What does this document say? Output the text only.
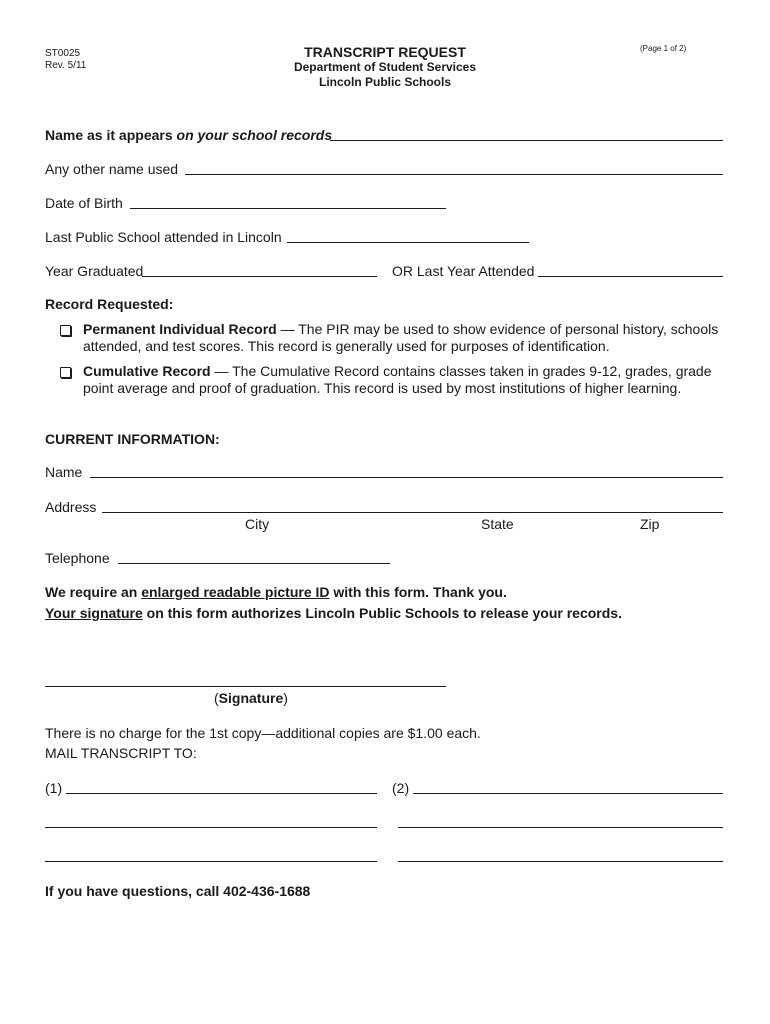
ST0025
Rev. 5/11
(Page 1 of 2)
TRANSCRIPT REQUEST
Department of Student Services
Lincoln Public Schools
Name as it appears on your school records
Any other name used
Date of Birth
Last Public School attended in Lincoln
Year Graduated	OR Last Year Attended
Record Requested:
Permanent Individual Record — The PIR may be used to show evidence of personal history, schools
attended, and test scores. This record is generally used for purposes of identification.
Cumulative Record — The Cumulative Record contains classes taken in grades 9-12, grades, grade
point average and proof of graduation. This record is used by most institutions of higher learning.
CURRENT INFORMATION:
Name
Address
City	State	Zip
Telephone
We require an enlarged readable picture ID with this form. Thank you.
Your signature on this form authorizes Lincoln Public Schools to release your records.
(Signature)
There is no charge for the 1st copy—additional copies are $1.00 each.
MAIL TRANSCRIPT TO:
(1)	(2)
If you have questions, call 402-436-1688
